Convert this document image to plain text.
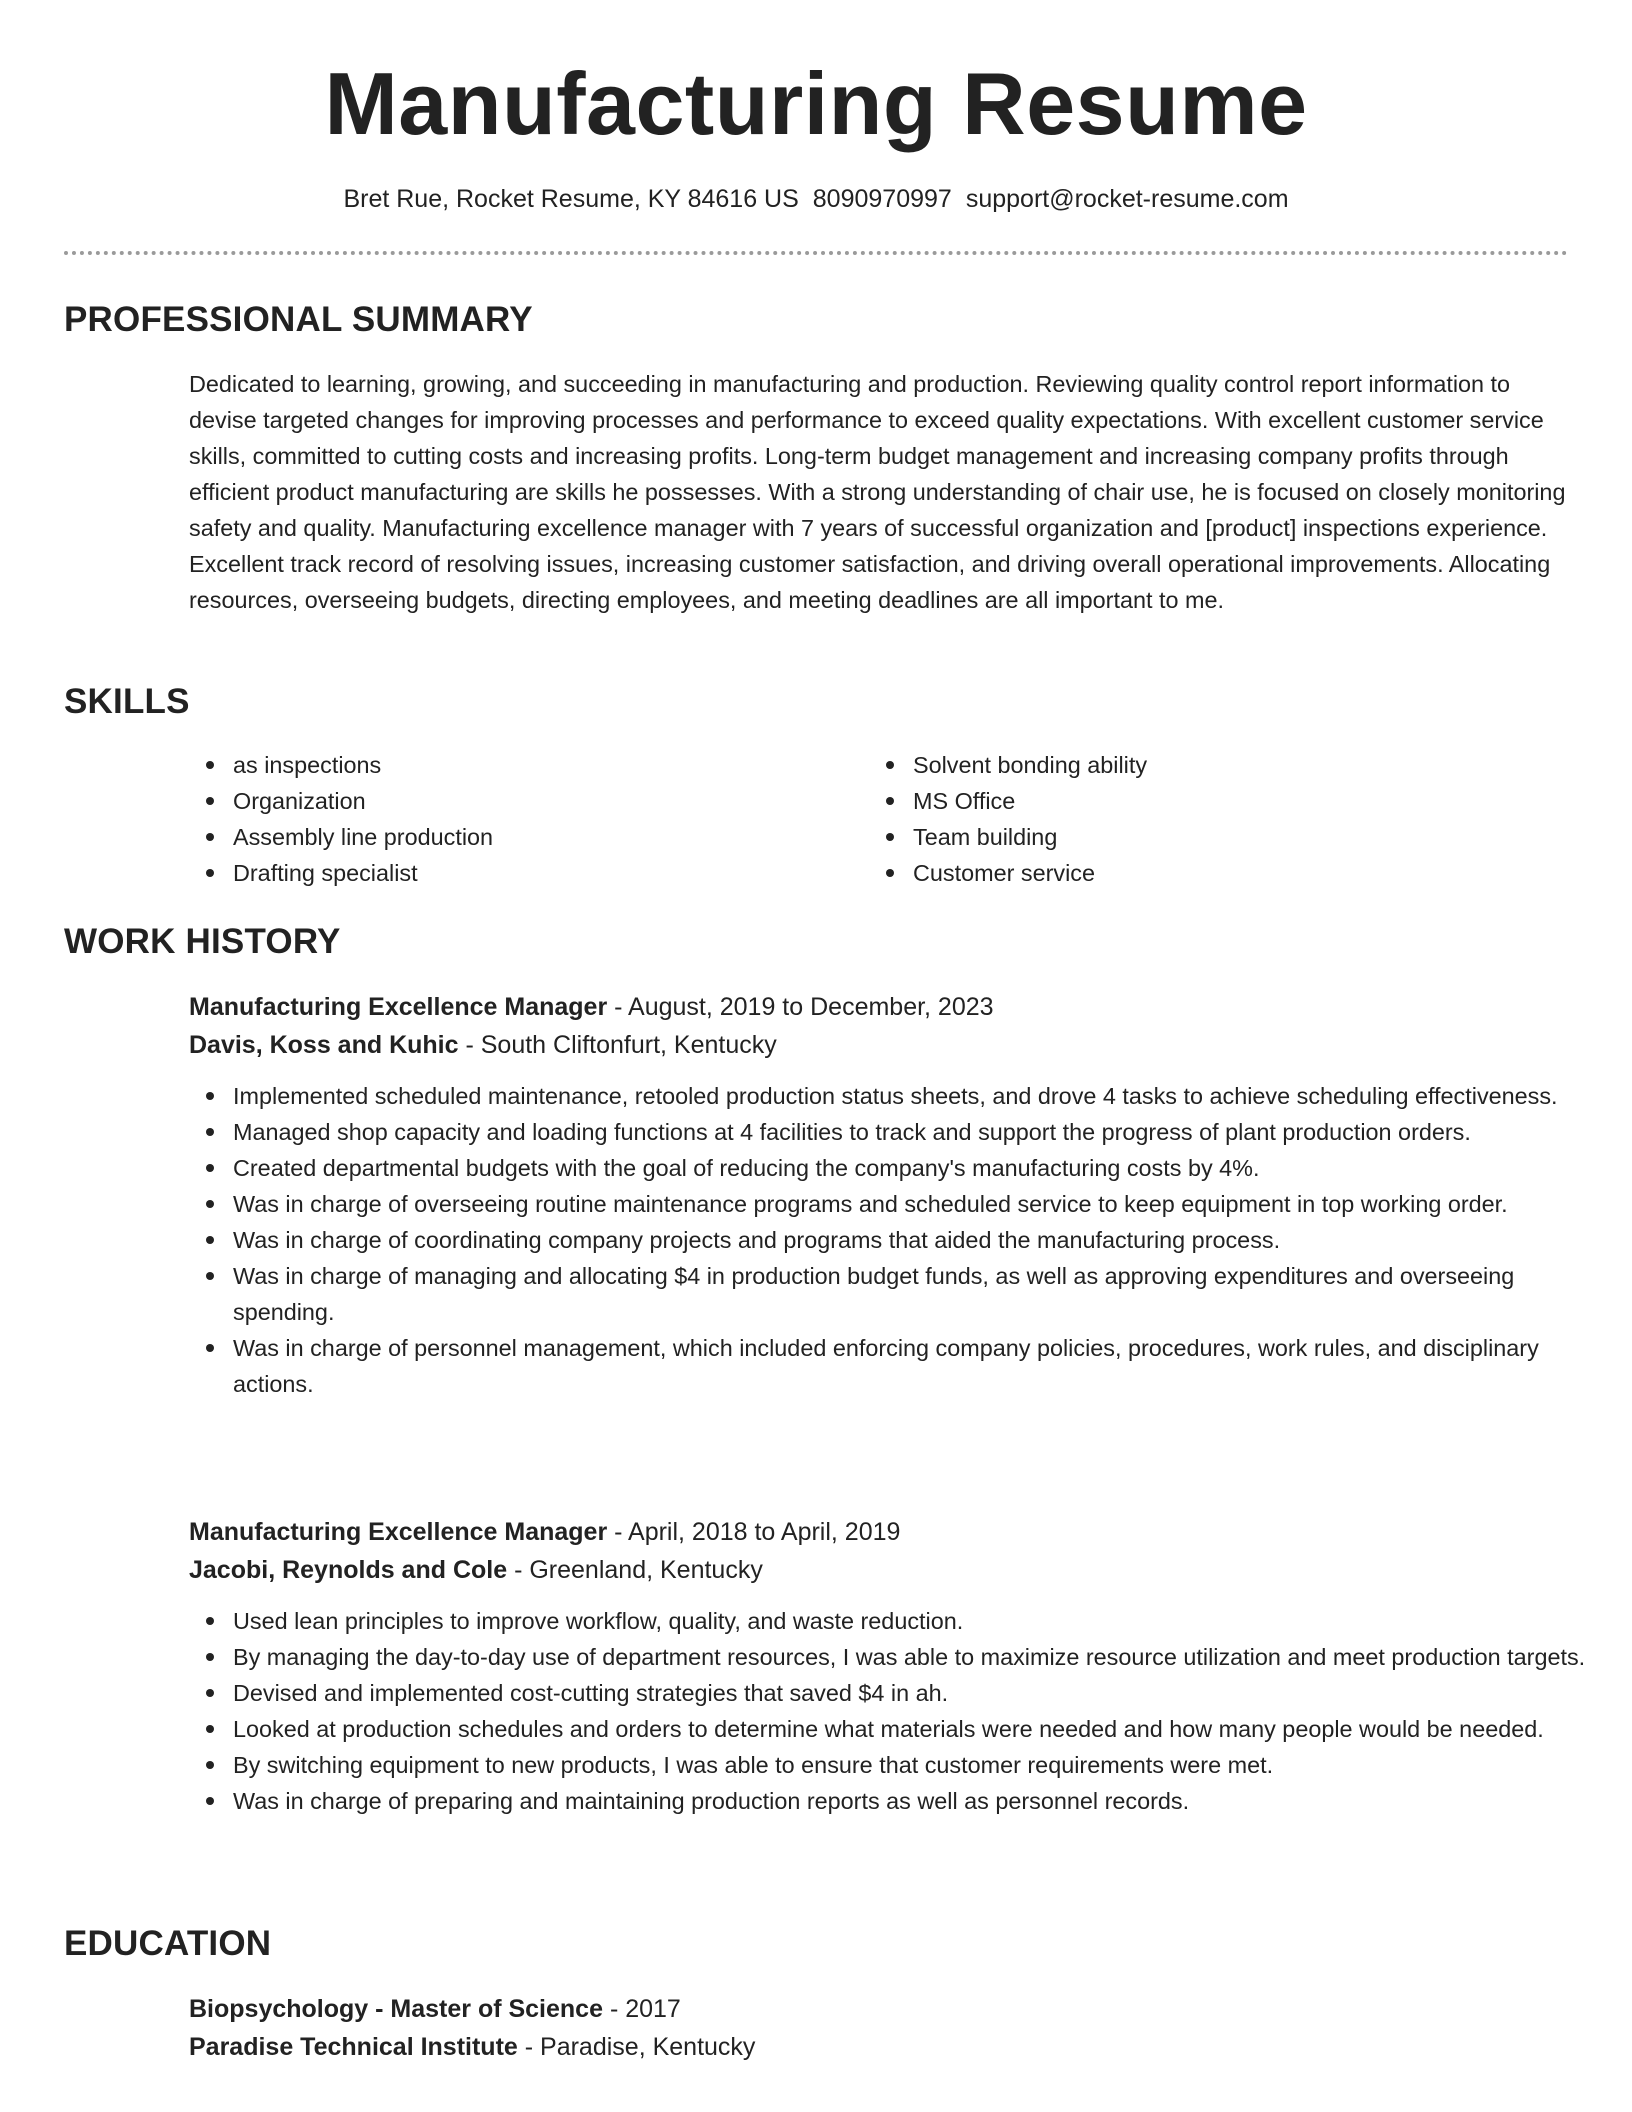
Manufacturing Resume
Bret Rue, Rocket Resume, KY 84616 US 8090970997 support@rocket-resume.com
PROFESSIONAL SUMMARY

Dedicated to learning, growing, and succeeding in manufacturing and production. Reviewing quality control report information to devise targeted changes for improving processes and performance to exceed quality expectations. With excellent customer service skills, committed to cutting costs and increasing profits. Long-term budget management and increasing company profits through efficient product manufacturing are skills he possesses. With a strong understanding of chair use, he is focused on closely monitoring safety and quality. Manufacturing excellence manager with 7 years of successful organization and [product] inspections experience. Excellent track record of resolving issues, increasing customer satisfaction, and driving overall operational improvements. Allocating resources, overseeing budgets, directing employees, and meeting deadlines are all important to me.

SKILLS
as inspections
Organization
Assembly line production
Drafting specialist
Solvent bonding ability
MS Office
Team building
Customer service
WORK HISTORY
Manufacturing Excellence Manager - August, 2019 to December, 2023
Davis, Koss and Kuhic - South Cliftonfurt, Kentucky
Implemented scheduled maintenance, retooled production status sheets, and drove 4 tasks to achieve scheduling effectiveness.
Managed shop capacity and loading functions at 4 facilities to track and support the progress of plant production orders.
Created departmental budgets with the goal of reducing the company's manufacturing costs by 4%.
Was in charge of overseeing routine maintenance programs and scheduled service to keep equipment in top working order.
Was in charge of coordinating company projects and programs that aided the manufacturing process.
Was in charge of managing and allocating $4 in production budget funds, as well as approving expenditures and overseeing spending.
Was in charge of personnel management, which included enforcing company policies, procedures, work rules, and disciplinary actions.
Manufacturing Excellence Manager - April, 2018 to April, 2019
Jacobi, Reynolds and Cole - Greenland, Kentucky
Used lean principles to improve workflow, quality, and waste reduction.
By managing the day-to-day use of department resources, I was able to maximize resource utilization and meet production targets.
Devised and implemented cost-cutting strategies that saved $4 in ah.
Looked at production schedules and orders to determine what materials were needed and how many people would be needed.
By switching equipment to new products, I was able to ensure that customer requirements were met.
Was in charge of preparing and maintaining production reports as well as personnel records.
EDUCATION
Biopsychology - Master of Science - 2017
Paradise Technical Institute - Paradise, Kentucky
